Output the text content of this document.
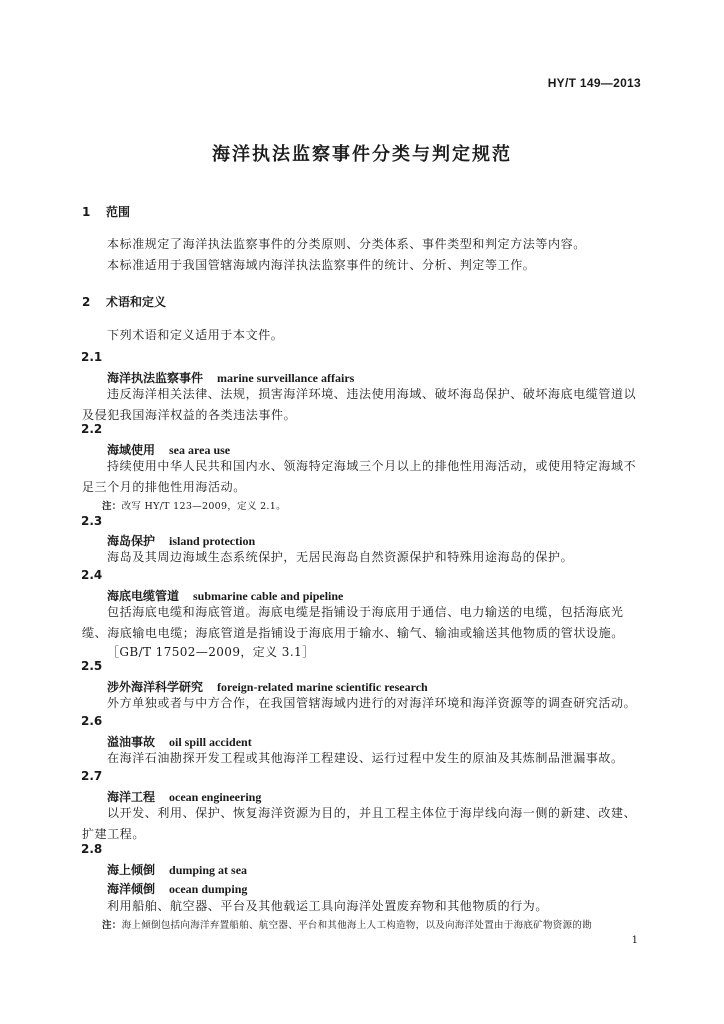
HY/T 149—2013
海洋执法监察事件分类与判定规范
1 范围
本标准规定了海洋执法监察事件的分类原则、分类体系、事件类型和判定方法等内容。
本标准适用于我国管辖海域内海洋执法监察事件的统计、分析、判定等工作。
2 术语和定义
下列术语和定义适用于本文件。
2.1
海洋执法监察事件 marine surveillance affairs
违反海洋相关法律、法规，损害海洋环境、违法使用海域、破坏海岛保护、破坏海底电缆管道以及侵犯我国海洋权益的各类违法事件。
2.2
海域使用 sea area use
持续使用中华人民共和国内水、领海特定海域三个月以上的排他性用海活动，或使用特定海域不足三个月的排他性用海活动。
注：改写 HY/T 123—2009，定义 2.1。
2.3
海岛保护 island protection
海岛及其周边海域生态系统保护，无居民海岛自然资源保护和特殊用途海岛的保护。
2.4
海底电缆管道 submarine cable and pipeline
包括海底电缆和海底管道。海底电缆是指铺设于海底用于通信、电力输送的电缆，包括海底光缆、海底输电电缆；海底管道是指铺设于海底用于输水、输气、输油或输送其他物质的管状设施。
［GB/T 17502—2009，定义 3.1］
2.5
涉外海洋科学研究 foreign-related marine scientific research
外方单独或者与中方合作，在我国管辖海域内进行的对海洋环境和海洋资源等的调查研究活动。
2.6
溢油事故 oil spill accident
在海洋石油勘探开发工程或其他海洋工程建设、运行过程中发生的原油及其炼制品泄漏事故。
2.7
海洋工程 ocean engineering
以开发、利用、保护、恢复海洋资源为目的，并且工程主体位于海岸线向海一侧的新建、改建、扩建工程。
2.8
海上倾倒 dumping at sea
海洋倾倒 ocean dumping
利用船舶、航空器、平台及其他载运工具向海洋处置废弃物和其他物质的行为。
注：海上倾倒包括向海洋弃置船舶、航空器、平台和其他海上人工构造物，以及向海洋处置由于海底矿物资源的勘
1
